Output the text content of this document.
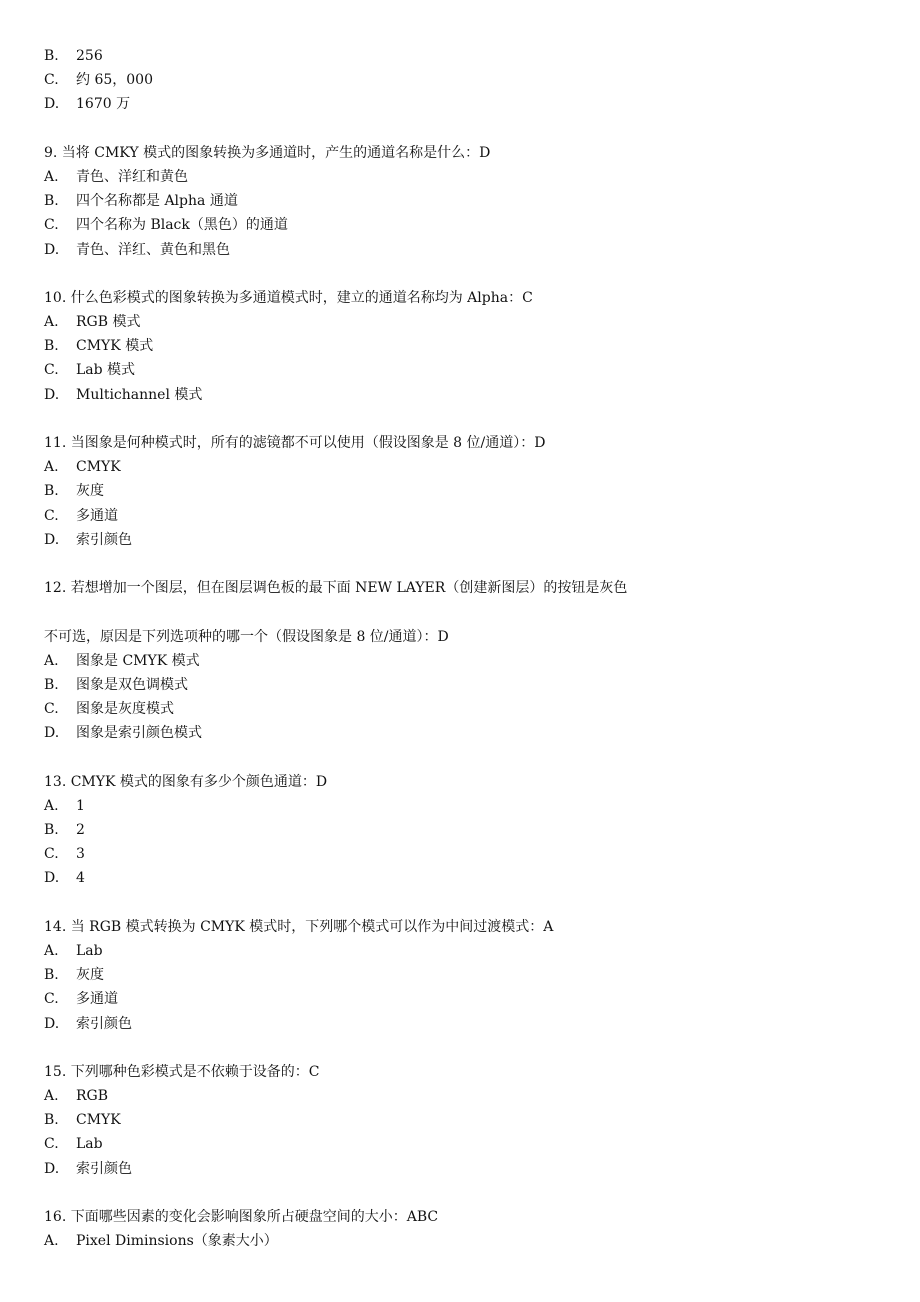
B. 256
C. 约 65，000
D. 1670 万
9. 当将 CMKY 模式的图象转换为多通道时，产生的通道名称是什么：D
A. 青色、洋红和黄色
B. 四个名称都是 Alpha 通道
C. 四个名称为 Black（黑色）的通道
D. 青色、洋红、黄色和黑色
10. 什么色彩模式的图象转换为多通道模式时，建立的通道名称均为 Alpha：C
A. RGB 模式
B. CMYK 模式
C. Lab 模式
D. Multichannel 模式
11. 当图象是何种模式时，所有的滤镜都不可以使用（假设图象是 8 位/通道）：D
A. CMYK
B. 灰度
C. 多通道
D. 索引颜色
12. 若想增加一个图层，但在图层调色板的最下面 NEW LAYER（创建新图层）的按钮是灰色
不可选，原因是下列选项种的哪一个（假设图象是 8 位/通道）：D
A. 图象是 CMYK 模式
B. 图象是双色调模式
C. 图象是灰度模式
D. 图象是索引颜色模式
13. CMYK 模式的图象有多少个颜色通道：D
A. 1
B. 2
C. 3
D. 4
14. 当 RGB 模式转换为 CMYK 模式时，下列哪个模式可以作为中间过渡模式：A
A. Lab
B. 灰度
C. 多通道
D. 索引颜色
15. 下列哪种色彩模式是不依赖于设备的：C
A. RGB
B. CMYK
C. Lab
D. 索引颜色
16. 下面哪些因素的变化会影响图象所占硬盘空间的大小：ABC
A. Pixel Diminsions（象素大小）
